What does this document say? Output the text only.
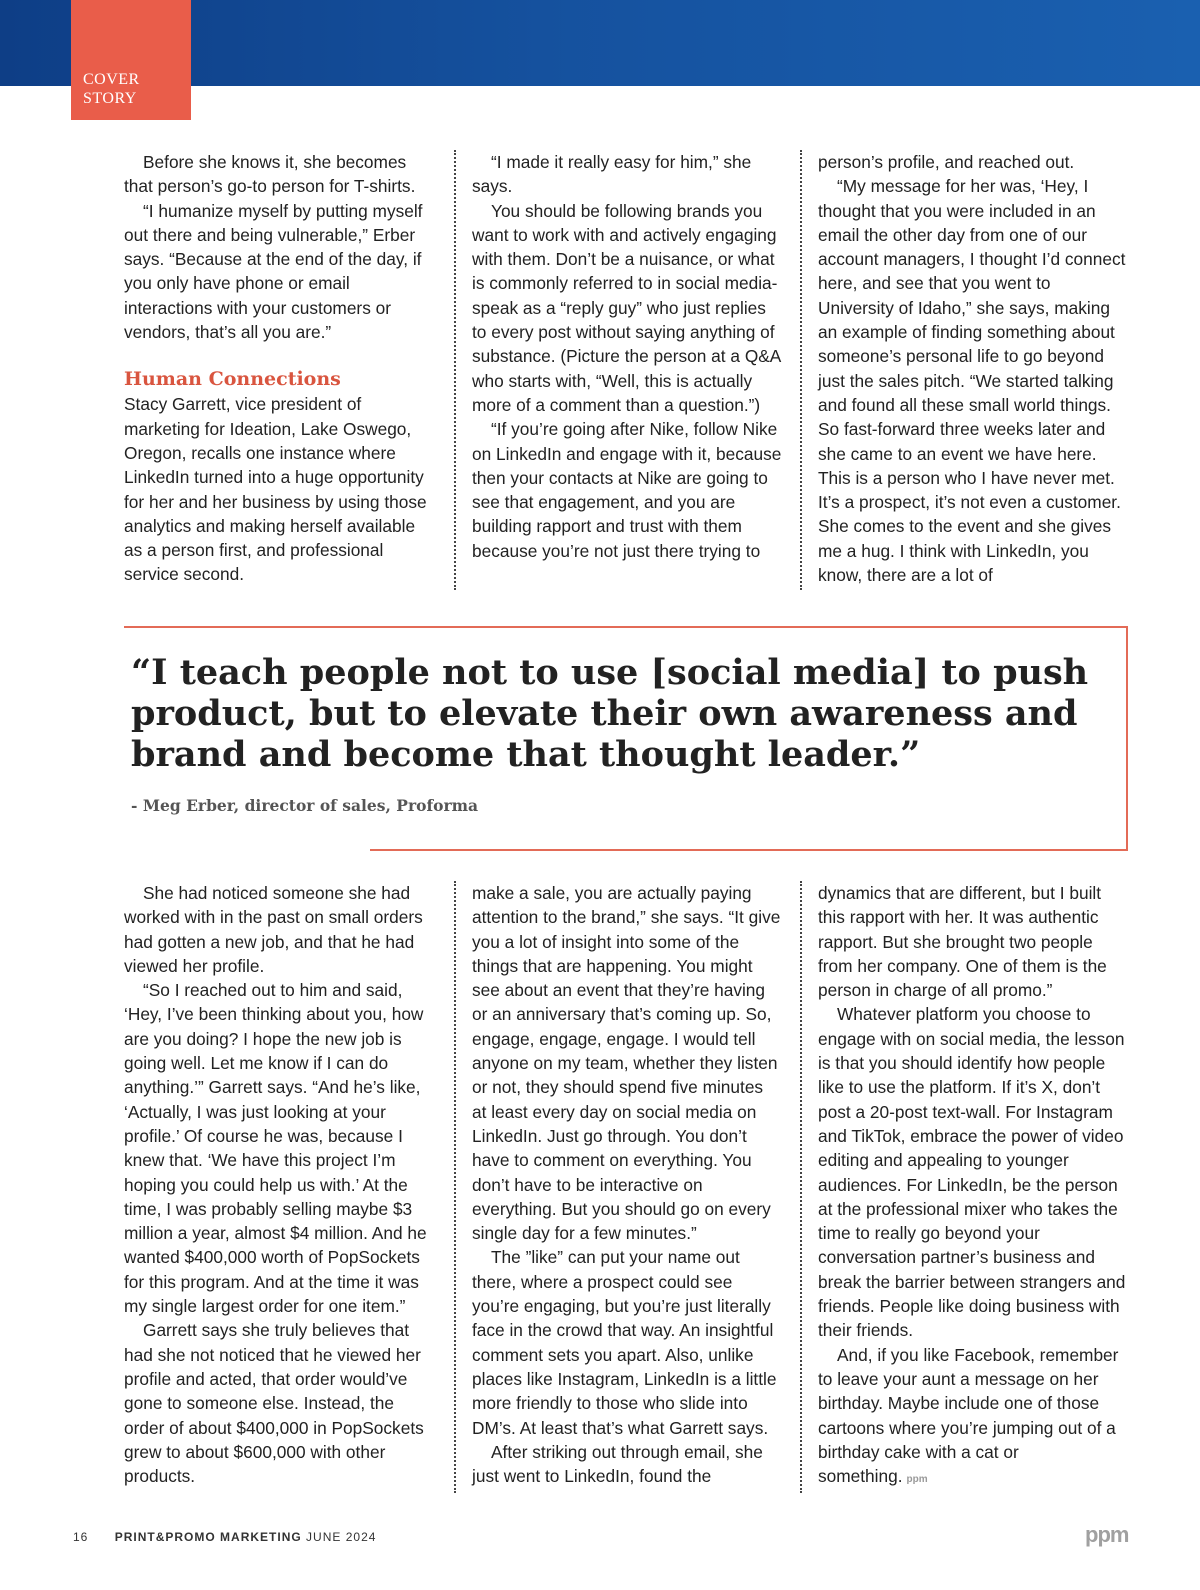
COVER
STORY

Before she knows it, she becomes that person’s go-to person for T-shirts.

“I humanize myself by putting myself out there and being vulnerable,” Erber says. “Because at the end of the day, if you only have phone or email interactions with your customers or vendors, that’s all you are.”

Human Connections

Stacy Garrett, vice president of marketing for Ideation, Lake Oswego, Oregon, recalls one instance where LinkedIn turned into a huge opportunity for her and her business by using those analytics and making herself available as a person first, and professional service second.

“I made it really easy for him,” she says.

You should be following brands you want to work with and actively engaging with them. Don’t be a nuisance, or what is commonly referred to in social media-speak as a “reply guy” who just replies to every post without saying anything of substance. (Picture the person at a Q&A who starts with, “Well, this is actually more of a comment than a question.”)

“If you’re going after Nike, follow Nike on LinkedIn and engage with it, because then your contacts at Nike are going to see that engagement, and you are building rapport and trust with them because you’re not just there trying to

person’s profile, and reached out.

“My message for her was, ‘Hey, I thought that you were included in an email the other day from one of our account managers, I thought I’d connect here, and see that you went to University of Idaho,” she says, making an example of finding something about someone’s personal life to go beyond just the sales pitch. “We started talking and found all these small world things. So fast-forward three weeks later and she came to an event we have here. This is a person who I have never met. It’s a prospect, it’s not even a customer. She comes to the event and she gives me a hug. I think with LinkedIn, you know, there are a lot of

“I teach people not to use [social media] to push product, but to elevate their own awareness and brand and become that thought leader.”
- Meg Erber, director of sales, Proforma

She had noticed someone she had worked with in the past on small orders had gotten a new job, and that he had viewed her profile.

“So I reached out to him and said, ‘Hey, I’ve been thinking about you, how are you doing? I hope the new job is going well. Let me know if I can do anything.’” Garrett says. “And he’s like, ‘Actually, I was just looking at your profile.’ Of course he was, because I knew that. ‘We have this project I’m hoping you could help us with.’ At the time, I was probably selling maybe $3 million a year, almost $4 million. And he wanted $400,000 worth of PopSockets for this program. And at the time it was my single largest order for one item.”

Garrett says she truly believes that had she not noticed that he viewed her profile and acted, that order would’ve gone to someone else. Instead, the order of about $400,000 in PopSockets grew to about $600,000 with other products.

make a sale, you are actually paying attention to the brand,” she says. “It give you a lot of insight into some of the things that are happening. You might see about an event that they’re having or an anniversary that’s coming up. So, engage, engage, engage. I would tell anyone on my team, whether they listen or not, they should spend five minutes at least every day on social media on LinkedIn. Just go through. You don’t have to comment on everything. You don’t have to be interactive on everything. But you should go on every single day for a few minutes.”

The ”like” can put your name out there, where a prospect could see you’re engaging, but you’re just literally face in the crowd that way. An insightful comment sets you apart. Also, unlike places like Instagram, LinkedIn is a little more friendly to those who slide into DM’s. At least that’s what Garrett says.

After striking out through email, she just went to LinkedIn, found the

dynamics that are different, but I built this rapport with her. It was authentic rapport. But she brought two people from her company. One of them is the person in charge of all promo.”

Whatever platform you choose to engage with on social media, the lesson is that you should identify how people like to use the platform. If it’s X, don’t post a 20-post text-wall. For Instagram and TikTok, embrace the power of video editing and appealing to younger audiences. For LinkedIn, be the person at the professional mixer who takes the time to really go beyond your conversation partner’s business and break the barrier between strangers and friends. People like doing business with their friends.

And, if you like Facebook, remember to leave your aunt a message on her birthday. Maybe include one of those cartoons where you’re jumping out of a birthday cake with a cat or something. ppm

16 PRINT&PROMO MARKETING JUNE 2024	ppm
